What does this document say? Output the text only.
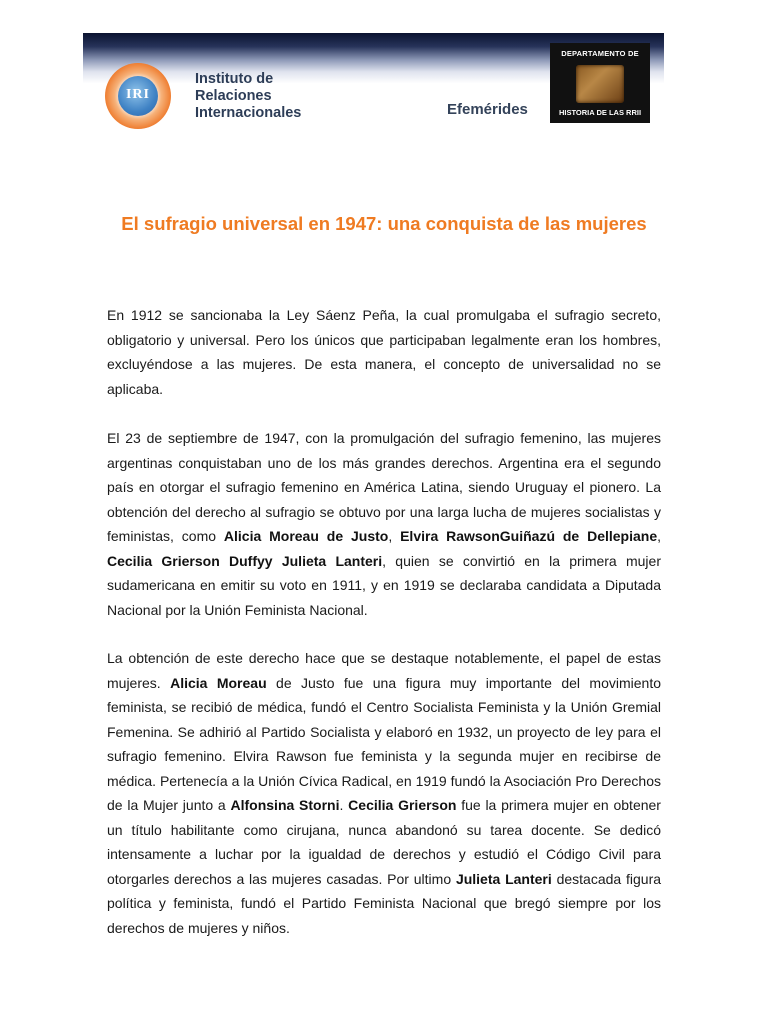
IRI
Instituto de
Relaciones
Internacionales	Efemérides
DEPARTAMENTO DE
HISTORIA DE LAS RRII
El sufragio universal en 1947: una conquista de las mujeres
En 1912 se sancionaba la Ley Sáenz Peña, la cual promulgaba el sufragio secreto, obligatorio y universal. Pero los únicos que participaban legalmente eran los hombres, excluyéndose a las mujeres. De esta manera, el concepto de universalidad no se aplicaba.
El 23 de septiembre de 1947, con la promulgación del sufragio femenino, las mujeres argentinas conquistaban uno de los más grandes derechos. Argentina era el segundo país en otorgar el sufragio femenino en América Latina, siendo Uruguay el pionero. La obtención del derecho al sufragio se obtuvo por una larga lucha de mujeres socialistas y feministas, como Alicia Moreau de Justo, Elvira RawsonGuiñazú de Dellepiane, Cecilia Grierson Duffyy Julieta Lanteri, quien se convirtió en la primera mujer sudamericana en emitir su voto en 1911, y en 1919 se declaraba candidata a Diputada Nacional por la Unión Feminista Nacional.
La obtención de este derecho hace que se destaque notablemente, el papel de estas mujeres. Alicia Moreau de Justo fue una figura muy importante del movimiento feminista, se recibió de médica, fundó el Centro Socialista Feminista y la Unión Gremial Femenina. Se adhirió al Partido Socialista y elaboró en 1932, un proyecto de ley para el sufragio femenino. Elvira Rawson fue feminista y la segunda mujer en recibirse de médica. Pertenecía a la Unión Cívica Radical, en 1919 fundó la Asociación Pro Derechos de la Mujer junto a Alfonsina Storni. Cecilia Grierson fue la primera mujer en obtener un título habilitante como cirujana, nunca abandonó su tarea docente. Se dedicó intensamente a luchar por la igualdad de derechos y estudió el Código Civil para otorgarles derechos a las mujeres casadas. Por ultimo Julieta Lanteri destacada figura política y feminista, fundó el Partido Feminista Nacional que bregó siempre por los derechos de mujeres y niños.
